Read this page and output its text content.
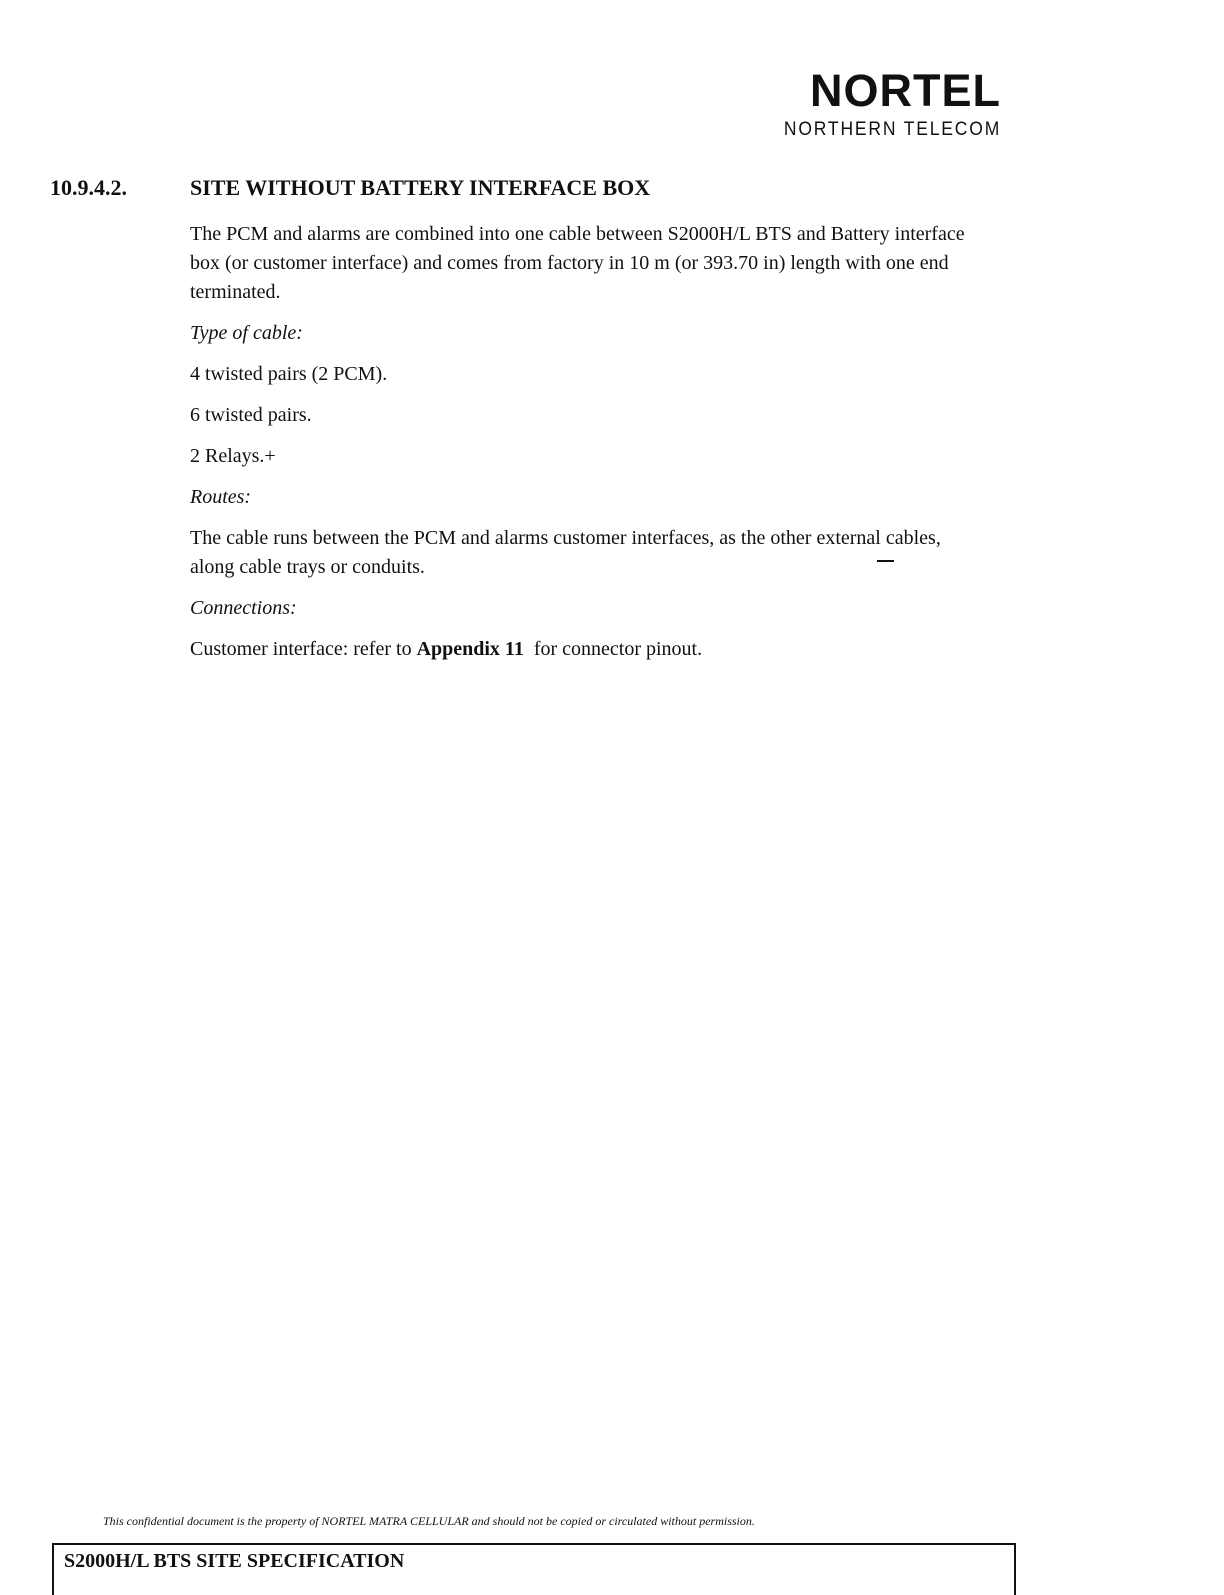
NORTEL
NORTHERN TELECOM
10.9.4.2.	SITE WITHOUT BATTERY INTERFACE BOX

The PCM and alarms are combined into one cable between S2000H/L BTS and Battery interface box (or customer interface) and comes from factory in 10 m (or 393.70 in) length with one end terminated.

Type of cable:

4 twisted pairs (2 PCM).

6 twisted pairs.

2 Relays.+

Routes:

The cable runs between the PCM and alarms customer interfaces, as the other external cables, along cable trays or conduits.

Connections:

Customer interface: refer to Appendix 11  for connector pinout.

This confidential document is the property of NORTEL MATRA CELLULAR and should not be copied or circulated without permission.
S2000H/L BTS SITE SPECIFICATION
